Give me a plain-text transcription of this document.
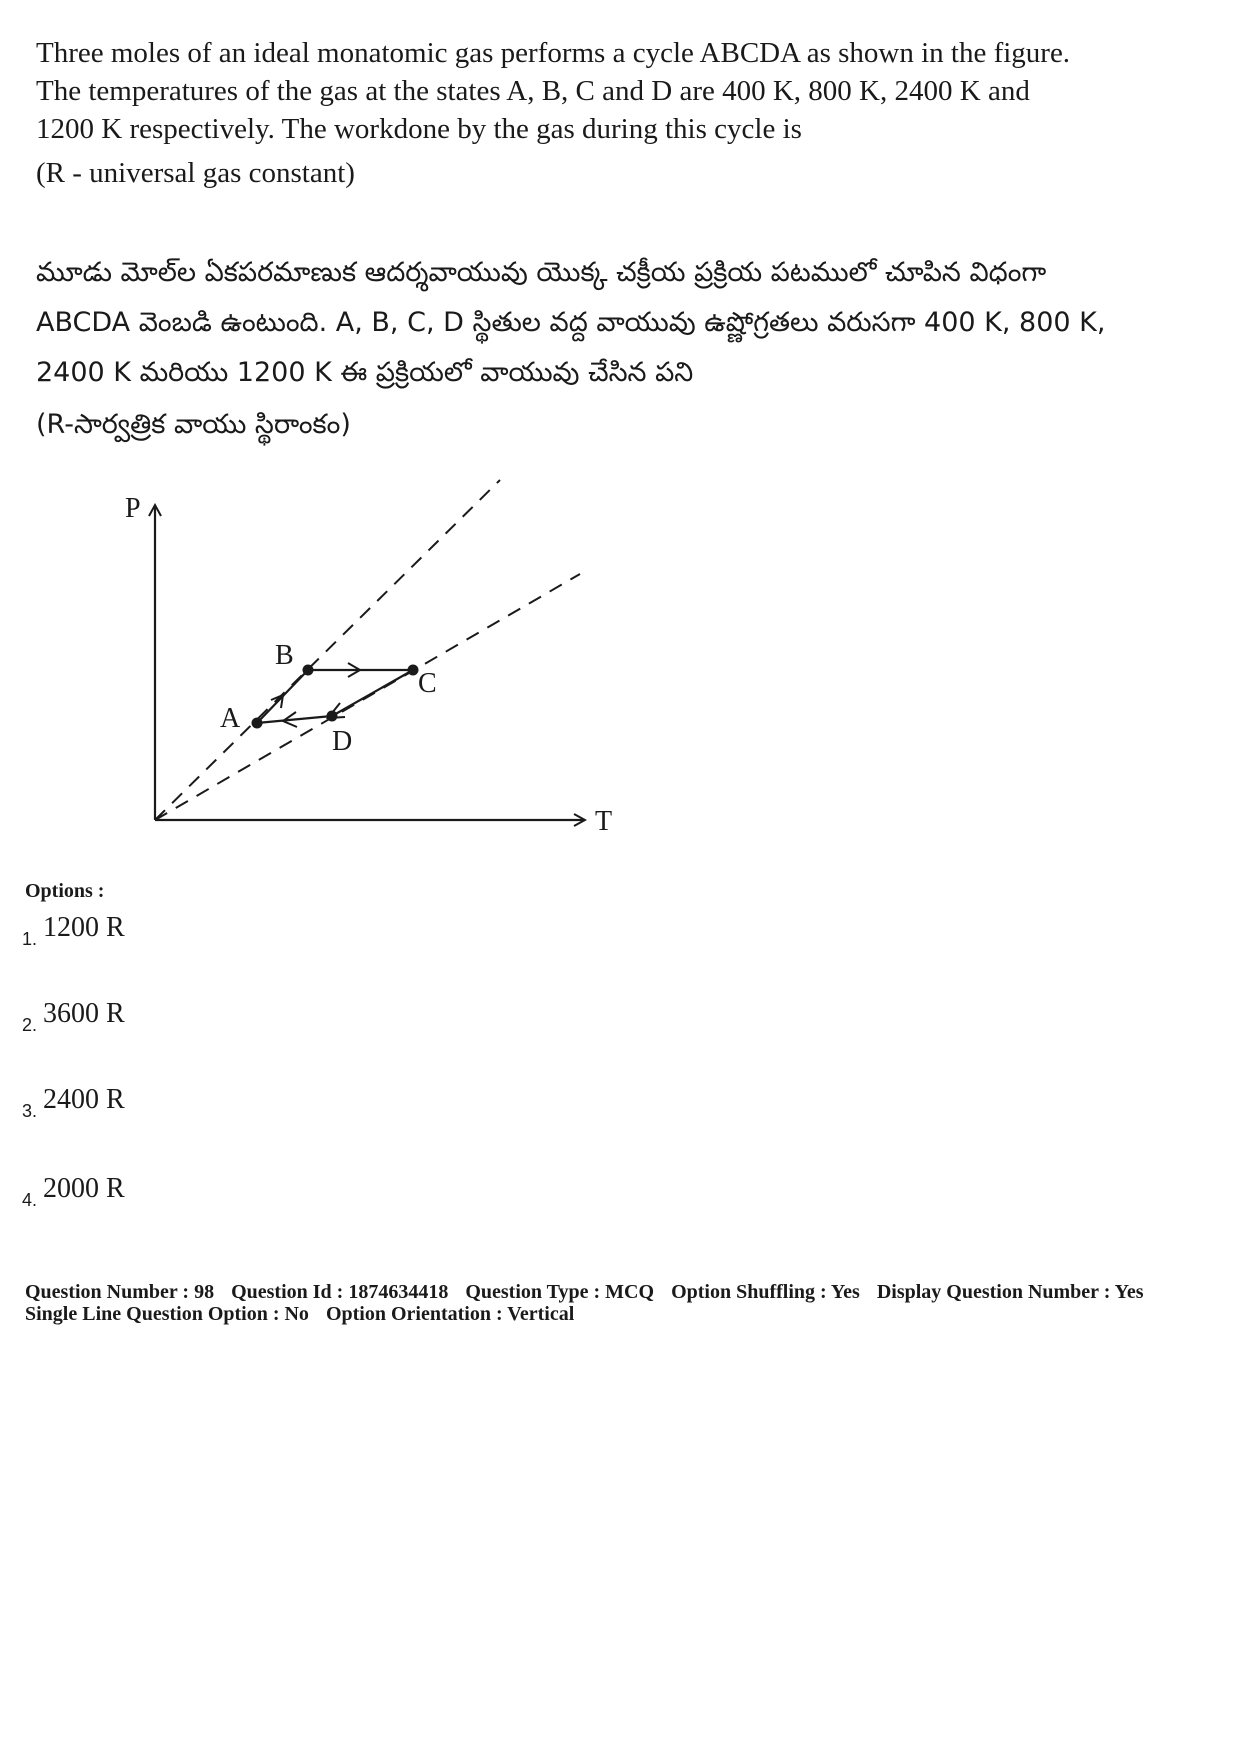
Three moles of an ideal monatomic gas performs a cycle ABCDA as shown in the figure.

The temperatures of the gas at the states A, B, C and D are 400 K, 800 K, 2400 K and

1200 K respectively. The workdone by the gas during this cycle is

(R - universal gas constant)

మూడు మోల్‌ల ఏకపరమాణుక ఆదర్శవాయువు యొక్క చక్రీయ ప్రక్రియ పటములో చూపిన విధంగా

ABCDA వెంబడి ఉంటుంది. A, B, C, D స్థితుల వద్ద వాయువు ఉష్ణోగ్రతలు వరుసగా 400 K, 800 K,

2400 K మరియు 1200 K ఈ ప్రక్రియలో వాయువు చేసిన పని

(R-సార్వత్రిక వాయు స్థిరాంకం)

P
T
A
B
C
D
Options :
1. 1200 R
2. 3600 R
3. 2400 R
4. 2000 R

Question Number : 98 Question Id : 1874634418 Question Type : MCQ Option Shuffling : Yes Display Question Number : Yes

Single Line Question Option : No Option Orientation : Vertical
